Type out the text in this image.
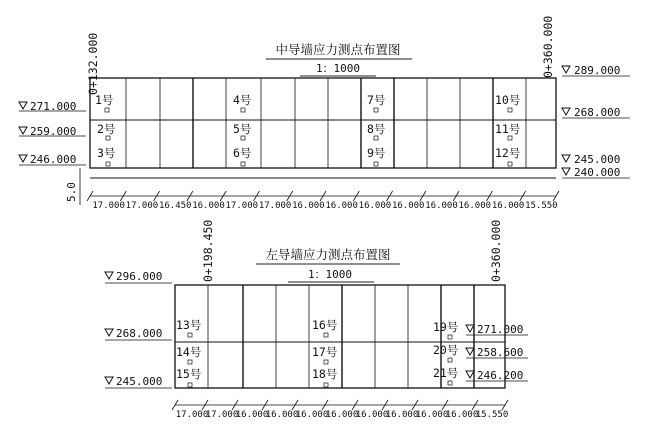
中导墙应力测点布置图
1：1000
0+132.000	0+360.000
271.000
259.000
246.000
289.000
268.000
245.000
240.000
5.0
1号
2号
3号
4号
5号
6号
7号
8号
9号
10号
11号
12号
17.000 17.000 16.450 16.000 17.000 17.000 16.000 16.000 16.000 16.000 16.000 16.000 16.000 15.550
左导墙应力测点布置图
1：1000
0+198.450	0+360.000
296.000
268.000
245.000
271.000
258.600
246.200
13号
14号
15号
16号
17号
18号
19号
20号
21号
17.000
17.000
16.000
16.000
16.000
16.000
16.000
16.000
16.000
16.000
15.550
